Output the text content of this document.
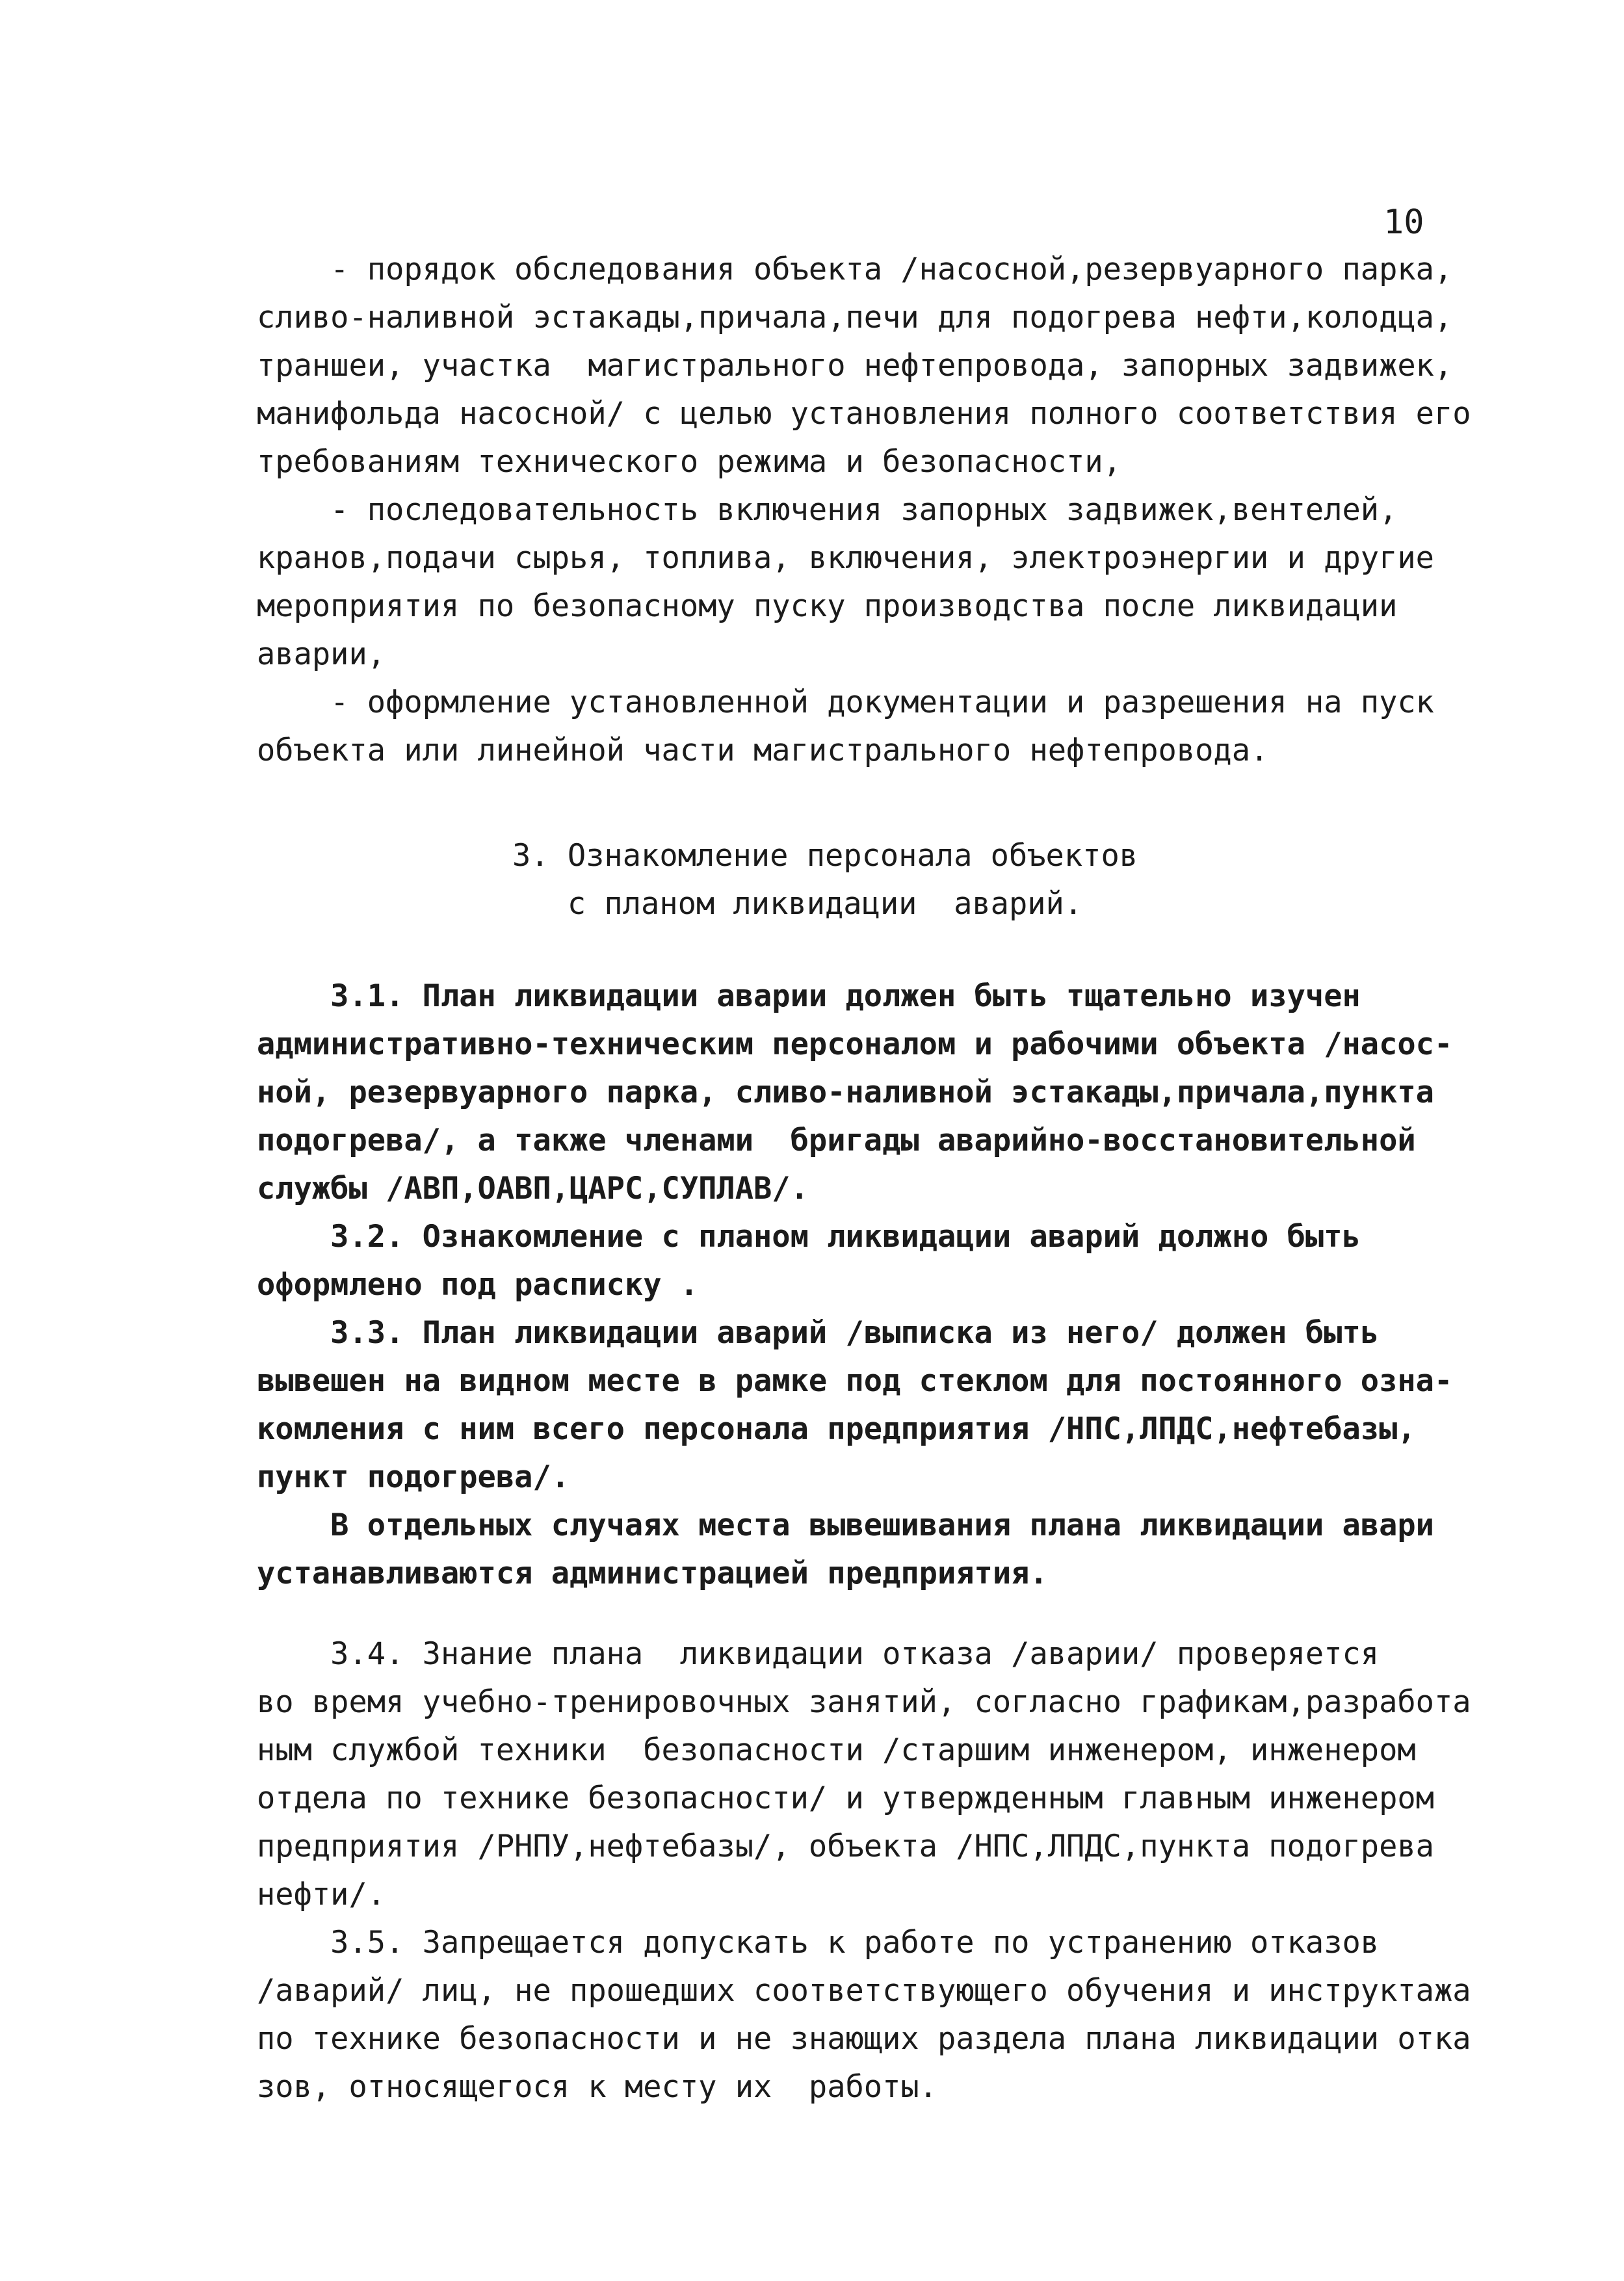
10
- порядок обследования объекта /насосной,резервуарного парка,
сливо-наливной эстакады,причала,печи для подогрева нефти,колодца,
траншеи, участка  магистрального нефтепровода, запорных задвижек,
манифольда насосной/ с целью установления полного соответствия его
требованиям технического режима и безопасности,
- последовательность включения запорных задвижек,вентелей,
кранов,подачи сырья, топлива, включения, электроэнергии и другие
мероприятия по безопасному пуску производства после ликвидации
аварии,
- оформление установленной документации и разрешения на пуск
объекта или линейной части магистрального нефтепровода.
3. Ознакомление персонала объектов
с планом ликвидации  аварий.
3.1. План ликвидации аварии должен быть тщательно изучен
административно-техническим персоналом и рабочими объекта /насос-
ной, резервуарного парка, сливо-наливной эстакады,причала,пункта
подогрева/, а также членами  бригады аварийно-восстановительной
службы /АВП,ОАВП,ЦАРС,СУПЛАВ/.
3.2. Ознакомление с планом ликвидации аварий должно быть
оформлено под расписку .
3.3. План ликвидации аварий /выписка из него/ должен быть
вывешен на видном месте в рамке под стеклом для постоянного озна-
комления с ним всего персонала предприятия /НПС,ЛПДС,нефтебазы,
пункт подогрева/.
В отдельных случаях места вывешивания плана ликвидации авари
устанавливаются администрацией предприятия.
3.4. Знание плана  ликвидации отказа /аварии/ проверяется
во время учебно-тренировочных занятий, согласно графикам,разработа
ным службой техники  безопасности /старшим инженером, инженером
отдела по технике безопасности/ и утвержденным главным инженером
предприятия /РНПУ,нефтебазы/, объекта /НПС,ЛПДС,пункта подогрева
нефти/.
3.5. Запрещается допускать к работе по устранению отказов
/аварий/ лиц, не прошедших соответствующего обучения и инструктажа
по технике безопасности и не знающих раздела плана ликвидации отка
зов, относящегося к месту их  работы.
